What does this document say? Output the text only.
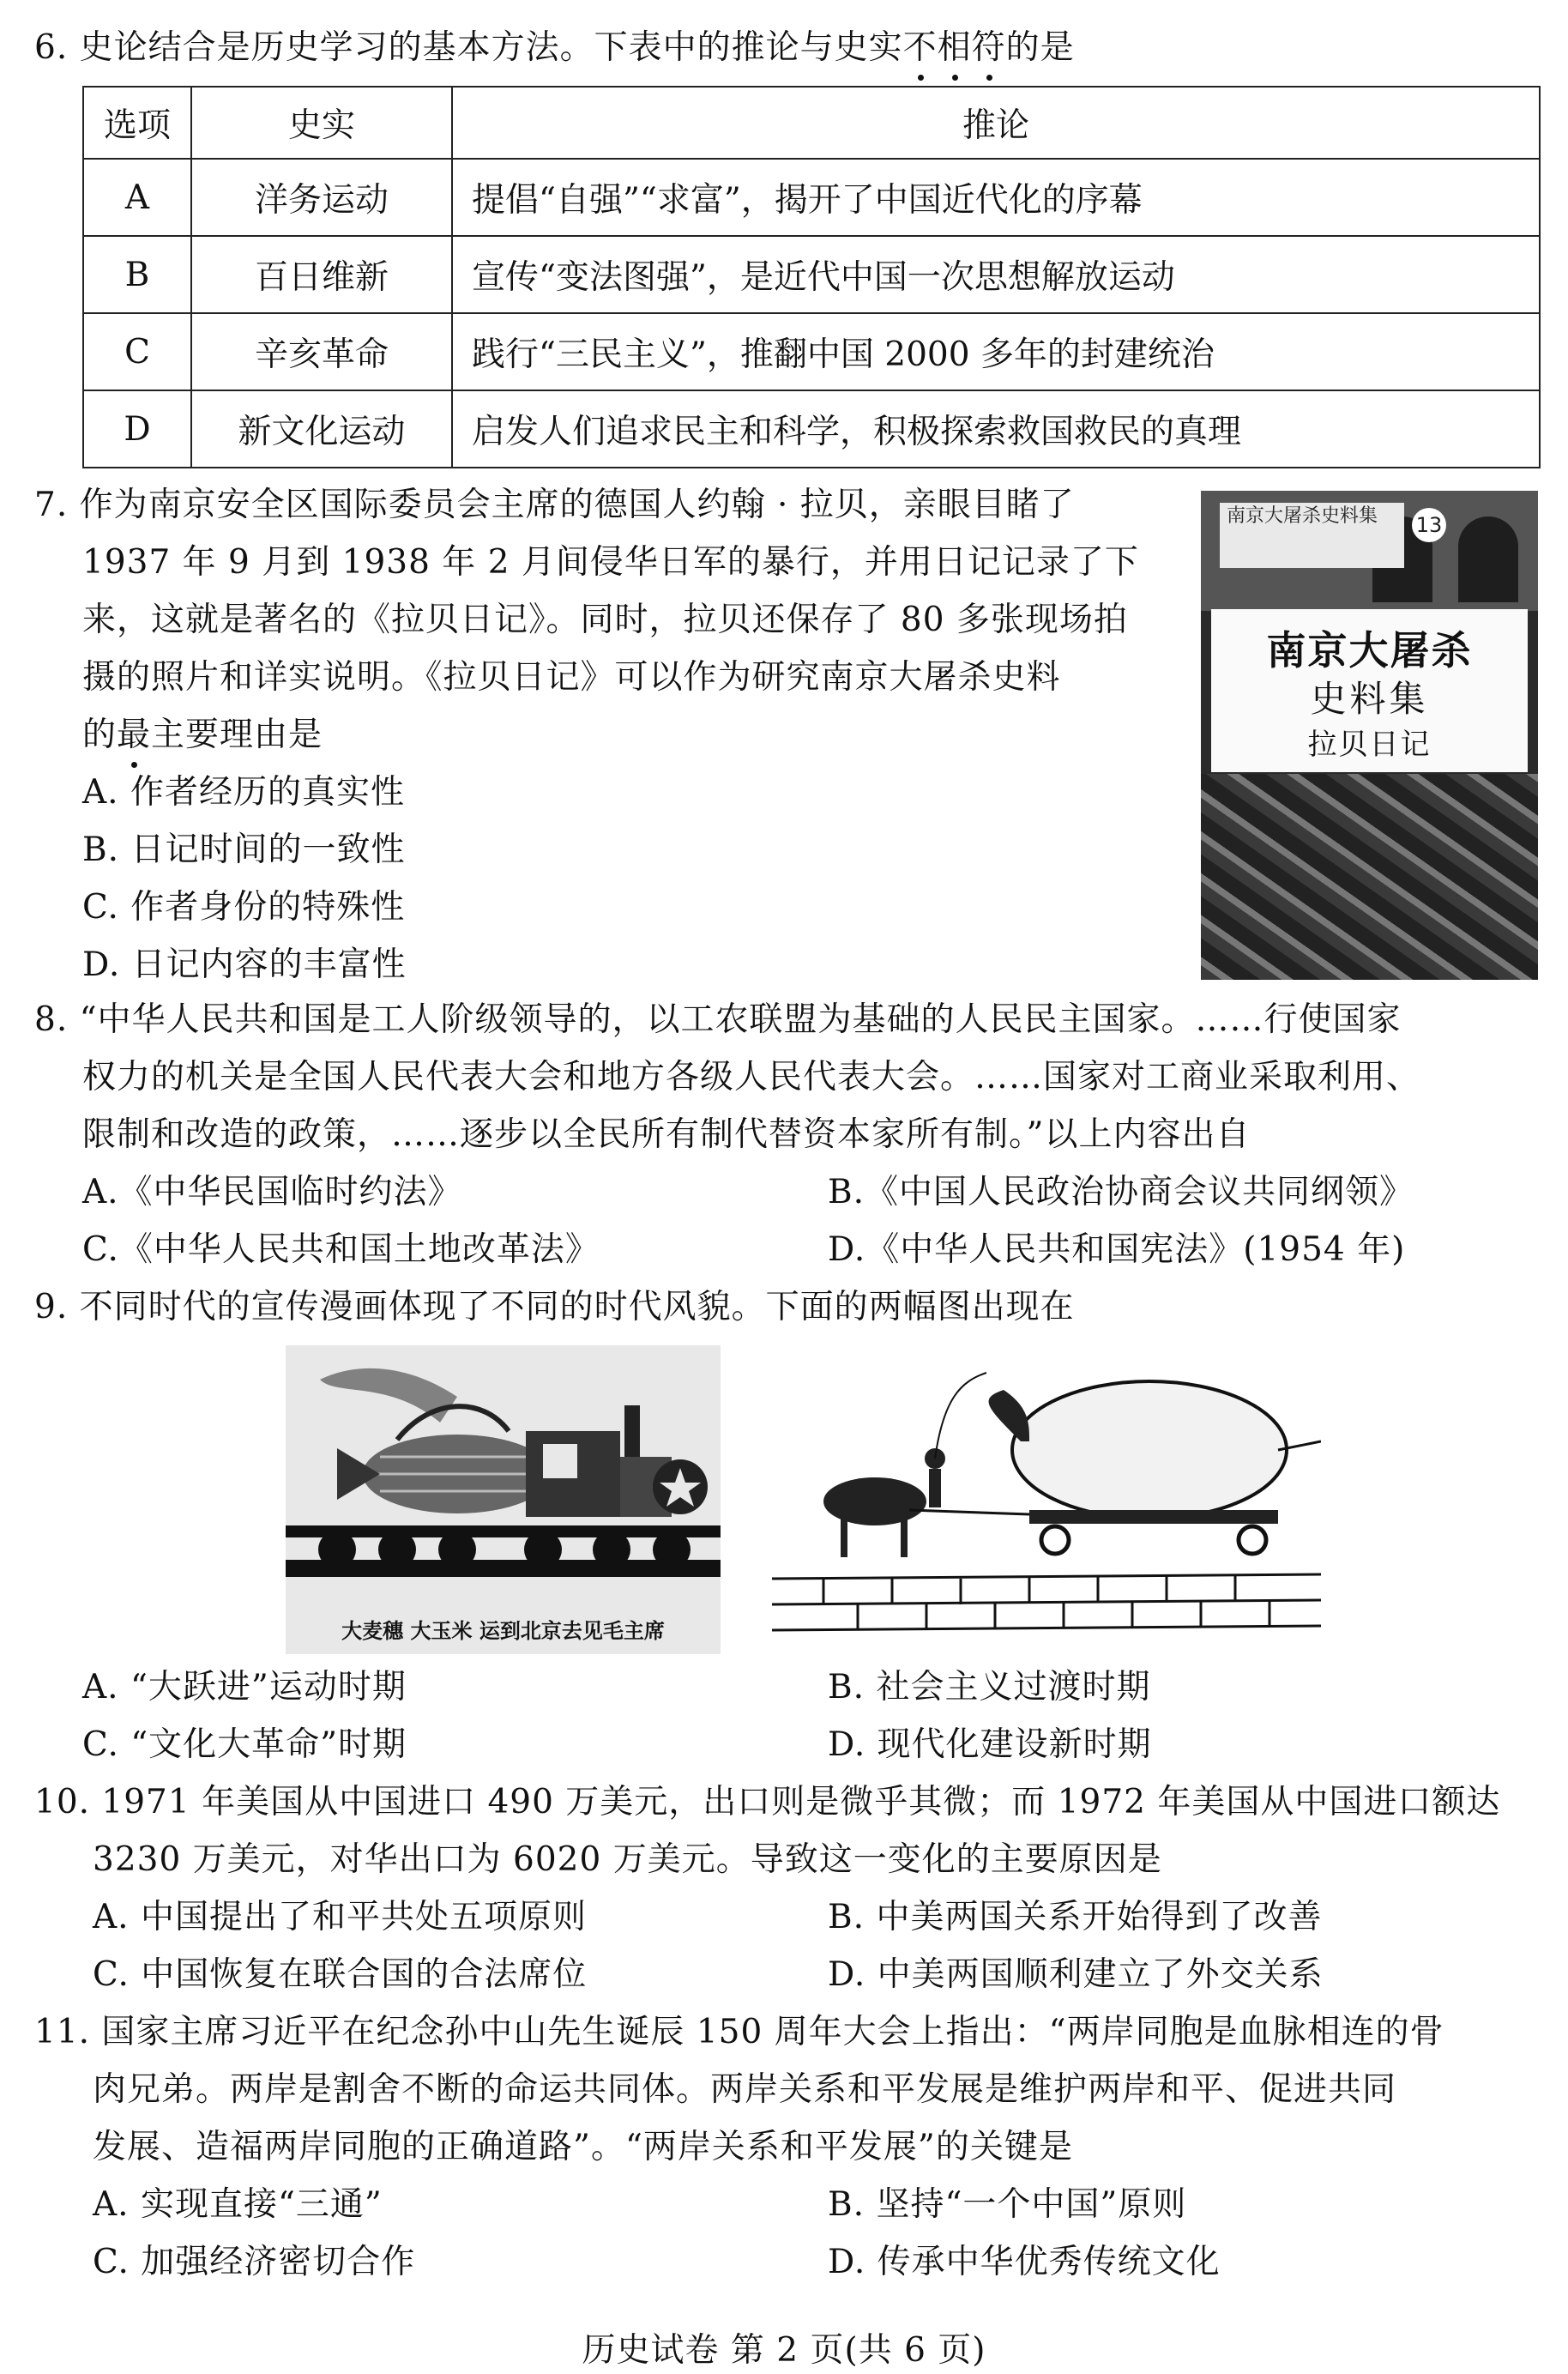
6. 史论结合是历史学习的基本方法。下表中的推论与史实不相符的是
选项	史实	推论
A	洋务运动	提倡“自强”“求富”，揭开了中国近代化的序幕
B	百日维新	宣传“变法图强”，是近代中国一次思想解放运动
C	辛亥革命	践行“三民主义”，推翻中国 2000 多年的封建统治
D	新文化运动	启发人们追求民主和科学，积极探索救国救民的真理
7. 作为南京安全区国际委员会主席的德国人约翰 · 拉贝，亲眼目睹了
1937 年 9 月到 1938 年 2 月间侵华日军的暴行，并用日记记录了下
来，这就是著名的《拉贝日记》。同时，拉贝还保存了 80 多张现场拍
摄的照片和详实说明。《拉贝日记》可以作为研究南京大屠杀史料
的最主要理由是
A. 作者经历的真实性
B. 日记时间的一致性
C. 作者身份的特殊性
D. 日记内容的丰富性
南京大屠杀史料集	13
南京大屠杀
史料集
拉贝日记
8. “中华人民共和国是工人阶级领导的，以工农联盟为基础的人民民主国家。……行使国家
权力的机关是全国人民代表大会和地方各级人民代表大会。……国家对工商业采取利用、
限制和改造的政策，……逐步以全民所有制代替资本家所有制。”以上内容出自
A.《中华民国临时约法》	B.《中国人民政治协商会议共同纲领》
C.《中华人民共和国土地改革法》	D.《中华人民共和国宪法》(1954 年)
9. 不同时代的宣传漫画体现了不同的时代风貌。下面的两幅图出现在
大麦穗 大玉米 运到北京去见毛主席
A. “大跃进”运动时期	B. 社会主义过渡时期
C. “文化大革命”时期	D. 现代化建设新时期
10. 1971 年美国从中国进口 490 万美元，出口则是微乎其微；而 1972 年美国从中国进口额达
3230 万美元，对华出口为 6020 万美元。导致这一变化的主要原因是
A. 中国提出了和平共处五项原则	B. 中美两国关系开始得到了改善
C. 中国恢复在联合国的合法席位	D. 中美两国顺利建立了外交关系
11. 国家主席习近平在纪念孙中山先生诞辰 150 周年大会上指出：“两岸同胞是血脉相连的骨
肉兄弟。两岸是割舍不断的命运共同体。两岸关系和平发展是维护两岸和平、促进共同
发展、造福两岸同胞的正确道路”。“两岸关系和平发展”的关键是
A. 实现直接“三通”	B. 坚持“一个中国”原则
C. 加强经济密切合作	D. 传承中华优秀传统文化
历史试卷 第 2 页(共 6 页)
